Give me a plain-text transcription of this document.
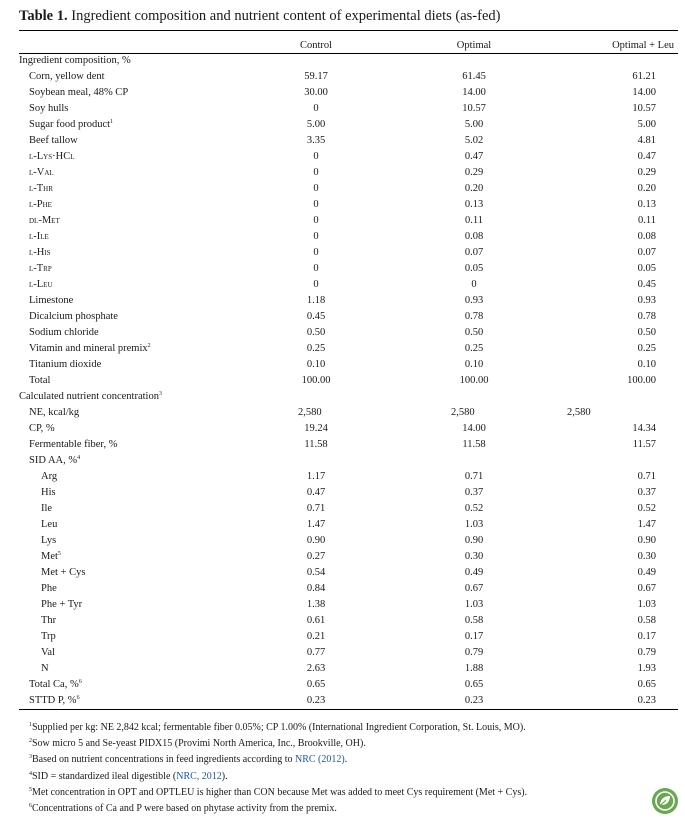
Table 1. Ingredient composition and nutrient content of experimental diets (as-fed)
	Control	Optimal	Optimal + Leu
Ingredient composition, %			
Corn, yellow dent	59.17	61.45	61.21
Soybean meal, 48% CP	30.00	14.00	14.00
Soy hulls	0	10.57	10.57
Sugar food product$^1$	5.00	5.00	5.00
Beef tallow	3.35	5.02	4.81
l-Lys·HCl	0	0.47	0.47
l-Val	0	0.29	0.29
l-Thr	0	0.20	0.20
l-Phe	0	0.13	0.13
dl-Met	0	0.11	0.11
l-Ile	0	0.08	0.08
l-His	0	0.07	0.07
l-Trp	0	0.05	0.05
l-Leu	0	0	0.45
Limestone	1.18	0.93	0.93
Dicalcium phosphate	0.45	0.78	0.78
Sodium chloride	0.50	0.50	0.50
Vitamin and mineral premix$^2$	0.25	0.25	0.25
Titanium dioxide	0.10	0.10	0.10
Total	100.00	100.00	100.00
Calculated nutrient concentration$^3$			
NE, kcal/kg	2,580	2,580	2,580
CP, %	19.24	14.00	14.34
Fermentable fiber, %	11.58	11.58	11.57
SID AA, %$^4$			
Arg	1.17	0.71	0.71
His	0.47	0.37	0.37
Ile	0.71	0.52	0.52
Leu	1.47	1.03	1.47
Lys	0.90	0.90	0.90
Met$^5$	0.27	0.30	0.30
Met + Cys	0.54	0.49	0.49
Phe	0.84	0.67	0.67
Phe + Tyr	1.38	1.03	1.03
Thr	0.61	0.58	0.58
Trp	0.21	0.17	0.17
Val	0.77	0.79	0.79
N	2.63	1.88	1.93
Total Ca, %$^6$	0.65	0.65	0.65
STTD P, %$^6$	0.23	0.23	0.23
$^1$Supplied per kg: NE 2,842 kcal; fermentable fiber 0.05%; CP 1.00% (International Ingredient Corporation, St. Louis, MO).
$^2$Sow micro 5 and Se-yeast PIDX15 (Provimi North America, Inc., Brookville, OH).
$^3$Based on nutrient concentrations in feed ingredients according to NRC (2012).
$^4$SID = standardized ileal digestible (NRC, 2012).
$^5$Met concentration in OPT and OPTLEU is higher than CON because Met was added to meet Cys requirement (Met + Cys).
$^6$Concentrations of Ca and P were based on phytase activity from the premix.
